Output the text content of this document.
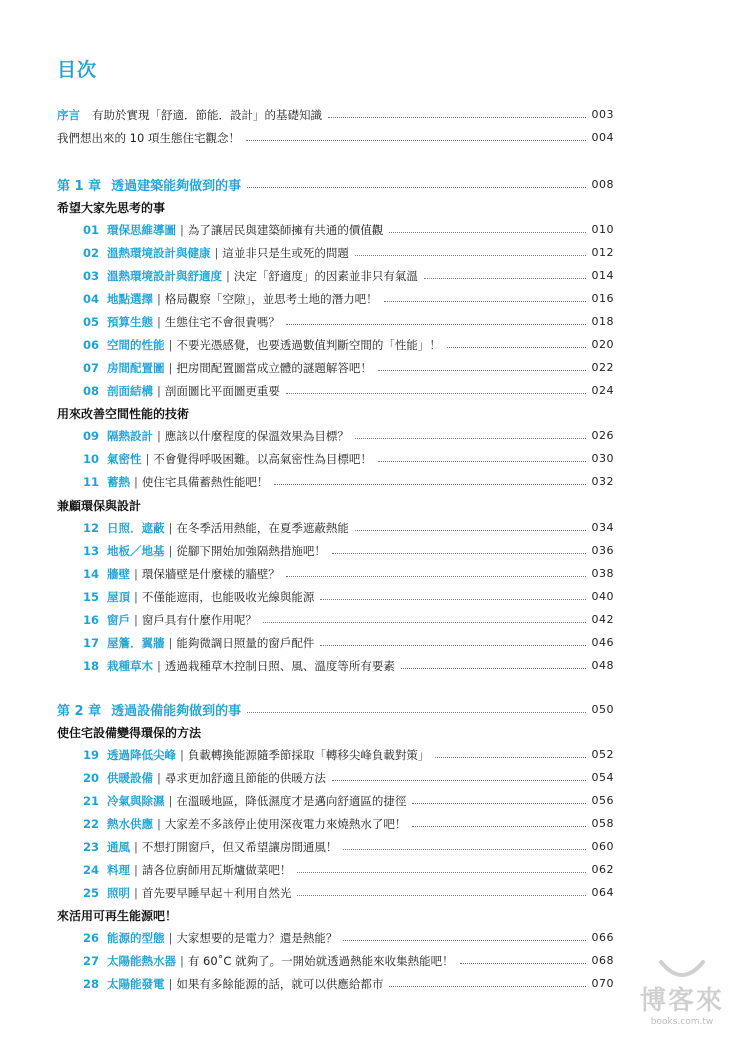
目次
序言 有助於實現「舒適．節能．設計」的基礎知識	003
我們想出來的 10 項生態住宅觀念！	004
第 1 章 透過建築能夠做到的事	008
希望大家先思考的事
01 環保思維導圖 | 為了讓居民與建築師擁有共通的價值觀	010
02 溫熱環境設計與健康 | 這並非只是生或死的問題	012
03 溫熱環境設計與舒適度 | 決定「舒適度」的因素並非只有氣溫	014
04 地點選擇 | 格局觀察「空隙」，並思考土地的潛力吧！	016
05 預算生態 | 生態住宅不會很貴嗎？	018
06 空間的性能 | 不要光憑感覺，也要透過數值判斷空間的「性能」！	020
07 房間配置圖 | 把房間配置圖當成立體的謎題解答吧！	022
08 剖面結構 | 剖面圖比平面圖更重要	024
用來改善空間性能的技術
09 隔熱設計 | 應該以什麼程度的保溫效果為目標？	026
10 氣密性 | 不會覺得呼吸困難。以高氣密性為目標吧！	030
11 蓄熱 | 使住宅具備蓄熱性能吧！	032
兼顧環保與設計
12 日照．遮蔽 | 在冬季活用熱能，在夏季遮蔽熱能	034
13 地板／地基 | 從腳下開始加強隔熱措施吧！	036
14 牆壁 | 環保牆壁是什麼樣的牆壁？	038
15 屋頂 | 不僅能遮雨，也能吸收光線與能源	040
16 窗戶 | 窗戶具有什麼作用呢？	042
17 屋簷．翼牆 | 能夠微調日照量的窗戶配件	046
18 栽種草木 | 透過栽種草木控制日照、風、溫度等所有要素	048
第 2 章 透過設備能夠做到的事	050
使住宅設備變得環保的方法
19 透過降低尖峰 | 負載轉換能源隨季節採取「轉移尖峰負載對策」	052
20 供暖設備 | 尋求更加舒適且節能的供暖方法	054
21 冷氣與除濕 | 在溫暖地區，降低濕度才是邁向舒適區的捷徑	056
22 熱水供應 | 大家差不多該停止使用深夜電力來燒熱水了吧！	058
23 通風 | 不想打開窗戶，但又希望讓房間通風！	060
24 料理 | 請各位廚師用瓦斯爐做菜吧！	062
25 照明 | 首先要早睡早起＋利用自然光	064
來活用可再生能源吧！
26 能源的型態 | 大家想要的是電力？還是熱能？	066
27 太陽能熱水器 | 有 60˚C 就夠了。一開始就透過熱能來收集熱能吧！	068
28 太陽能發電 | 如果有多餘能源的話，就可以供應給都市	070
博客來
books.com.tw
